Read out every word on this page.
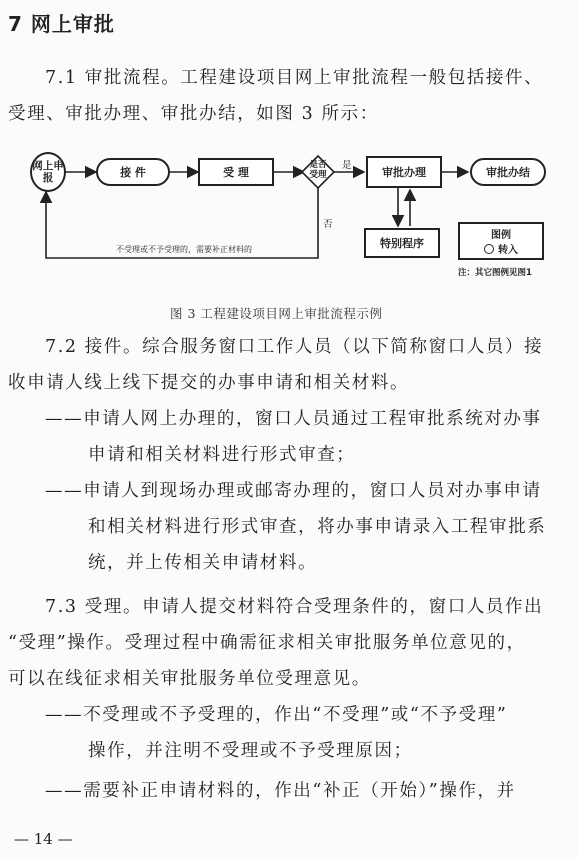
7 网上审批
7.1 审批流程。工程建设项目网上审批流程一般包括接件、
受理、审批办理、审批办结，如图 3 所示：
网上申报	接 件	受 理
是否受理
是
否
审批办理	审批办结
特别程序
图例
转入
不受理或不予受理的，需要补正材料的
注：其它图例见图1
图 3 工程建设项目网上审批流程示例
7.2 接件。综合服务窗口工作人员（以下简称窗口人员）接
收申请人线上线下提交的办事申请和相关材料。
——申请人网上办理的，窗口人员通过工程审批系统对办事
申请和相关材料进行形式审查；
——申请人到现场办理或邮寄办理的，窗口人员对办事申请
和相关材料进行形式审查，将办事申请录入工程审批系
统，并上传相关申请材料。
7.3 受理。申请人提交材料符合受理条件的，窗口人员作出
“受理”操作。受理过程中确需征求相关审批服务单位意见的，
可以在线征求相关审批服务单位受理意见。
——不受理或不予受理的，作出“不受理”或“不予受理”
操作，并注明不受理或不予受理原因；
——需要补正申请材料的，作出“补正（开始）”操作，并
— 14 —
